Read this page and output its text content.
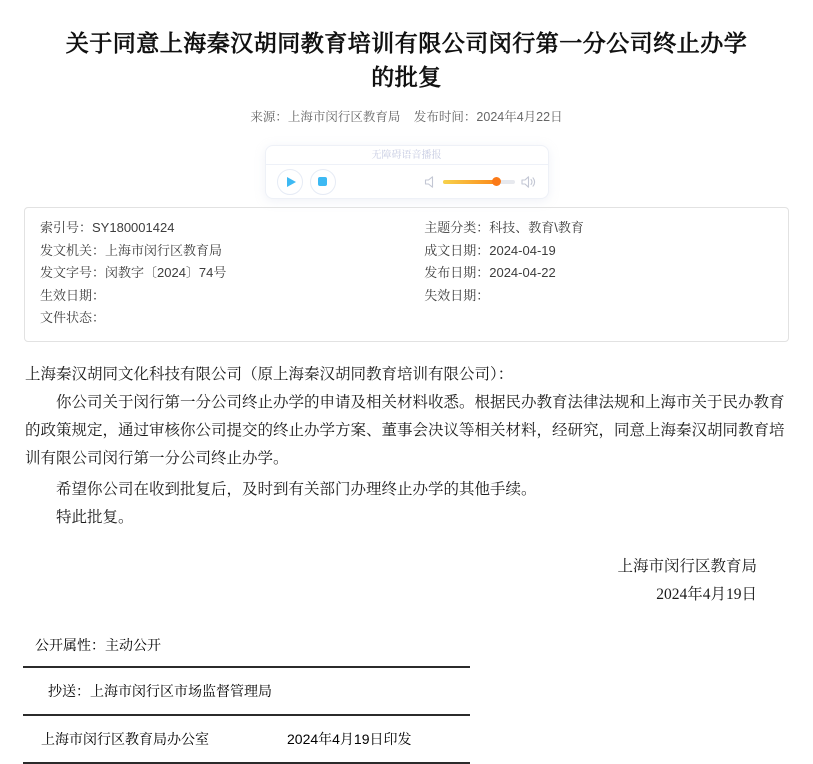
关于同意上海秦汉胡同教育培训有限公司闵行第一分公司终止办学的批复
来源：上海市闵行区教育局 发布时间：2024年4月22日
无障碍语音播报
索引号：SY180001424
发文机关：上海市闵行区教育局
发文字号：闵教字〔2024〕74号
生效日期：
文件状态：
主题分类：科技、教育\教育
成文日期：2024-04-19
发布日期：2024-04-22
失效日期：

上海秦汉胡同文化科技有限公司（原上海秦汉胡同教育培训有限公司）：

你公司关于闵行第一分公司终止办学的申请及相关材料收悉。根据民办教育法律法规和上海市关于民办教育的政策规定，通过审核你公司提交的终止办学方案、董事会决议等相关材料，经研究，同意上海秦汉胡同教育培训有限公司闵行第一分公司终止办学。

希望你公司在收到批复后，及时到有关部门办理终止办学的其他手续。

特此批复。

上海市闵行区教育局
2024年4月19日
公开属性：主动公开
抄送：上海市闵行区市场监督管理局
上海市闵行区教育局办公室	2024年4月19日印发
